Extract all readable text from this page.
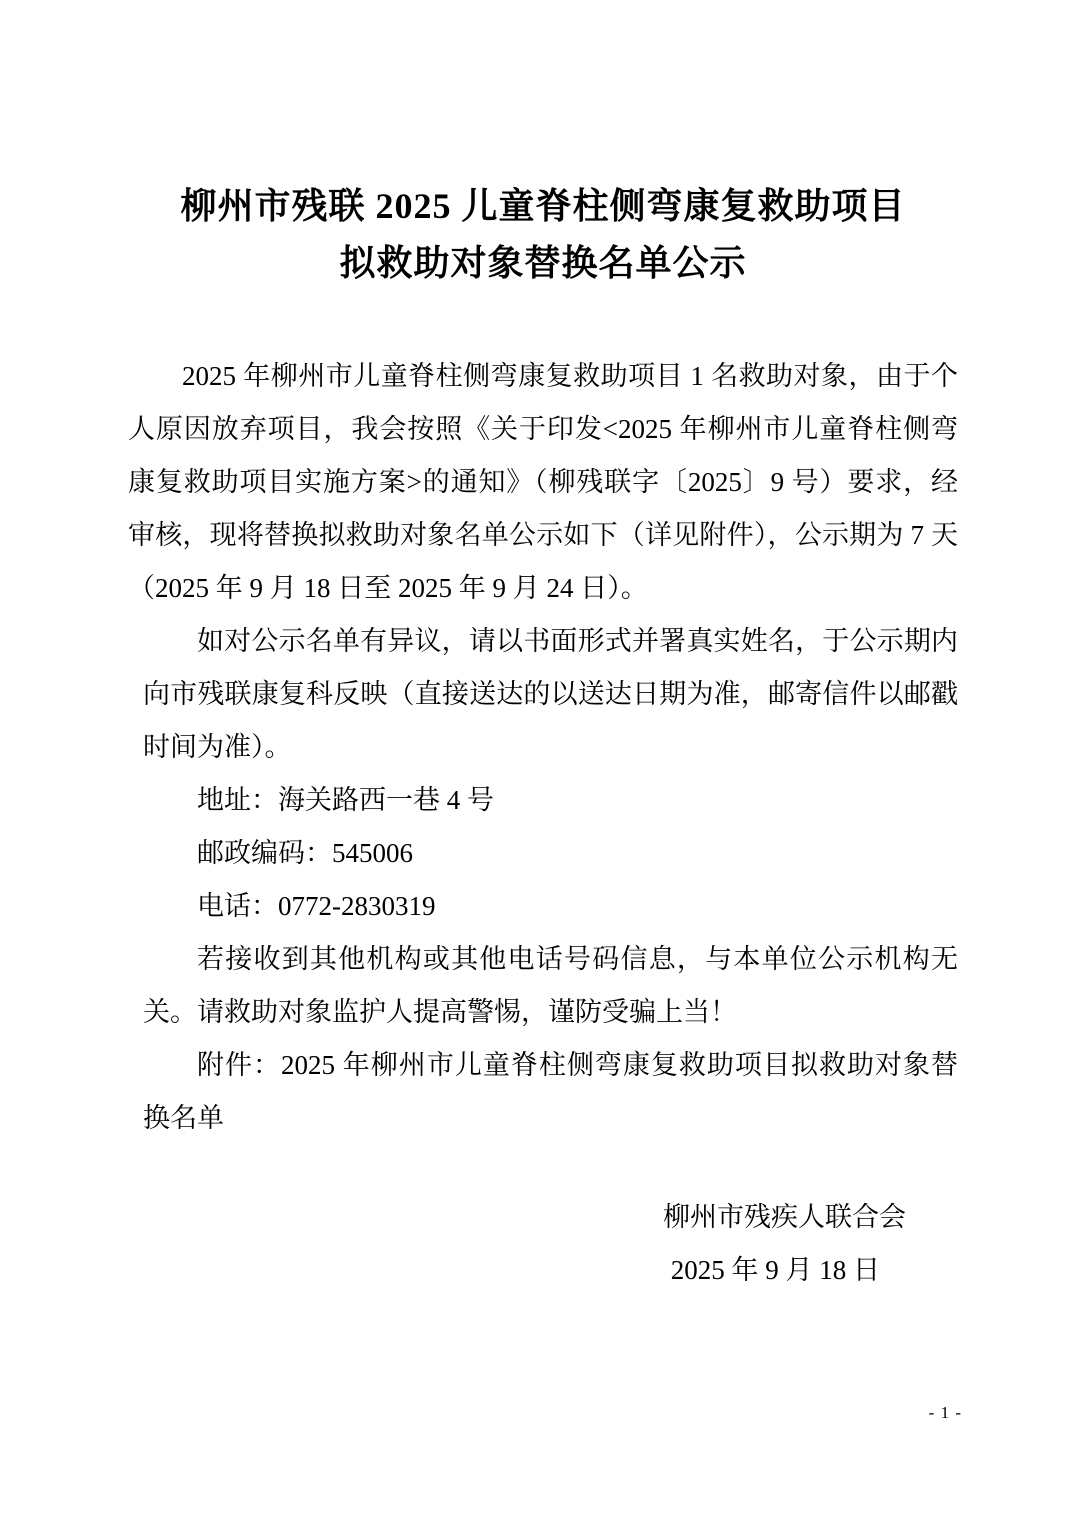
柳州市残联 2025 儿童脊柱侧弯康复救助项目
拟救助对象替换名单公示

2025 年柳州市儿童脊柱侧弯康复救助项目 1 名救助对象，由于个人原因放弃项目，我会按照《关于印发<2025 年柳州市儿童脊柱侧弯康复救助项目实施方案>的通知》（柳残联字〔2025〕9 号）要求，经审核，现将替换拟救助对象名单公示如下（详见附件），公示期为 7 天（2025 年 9 月 18 日至 2025 年 9 月 24 日）。

如对公示名单有异议，请以书面形式并署真实姓名，于公示期内向市残联康复科反映（直接送达的以送达日期为准，邮寄信件以邮戳时间为准）。

地址：海关路西一巷 4 号

邮政编码：545006

电话：0772-2830319

若接收到其他机构或其他电话号码信息，与本单位公示机构无关。请救助对象监护人提高警惕，谨防受骗上当！

附件：2025 年柳州市儿童脊柱侧弯康复救助项目拟救助对象替换名单

柳州市残疾人联合会

2025 年 9 月 18 日

- 1 -
